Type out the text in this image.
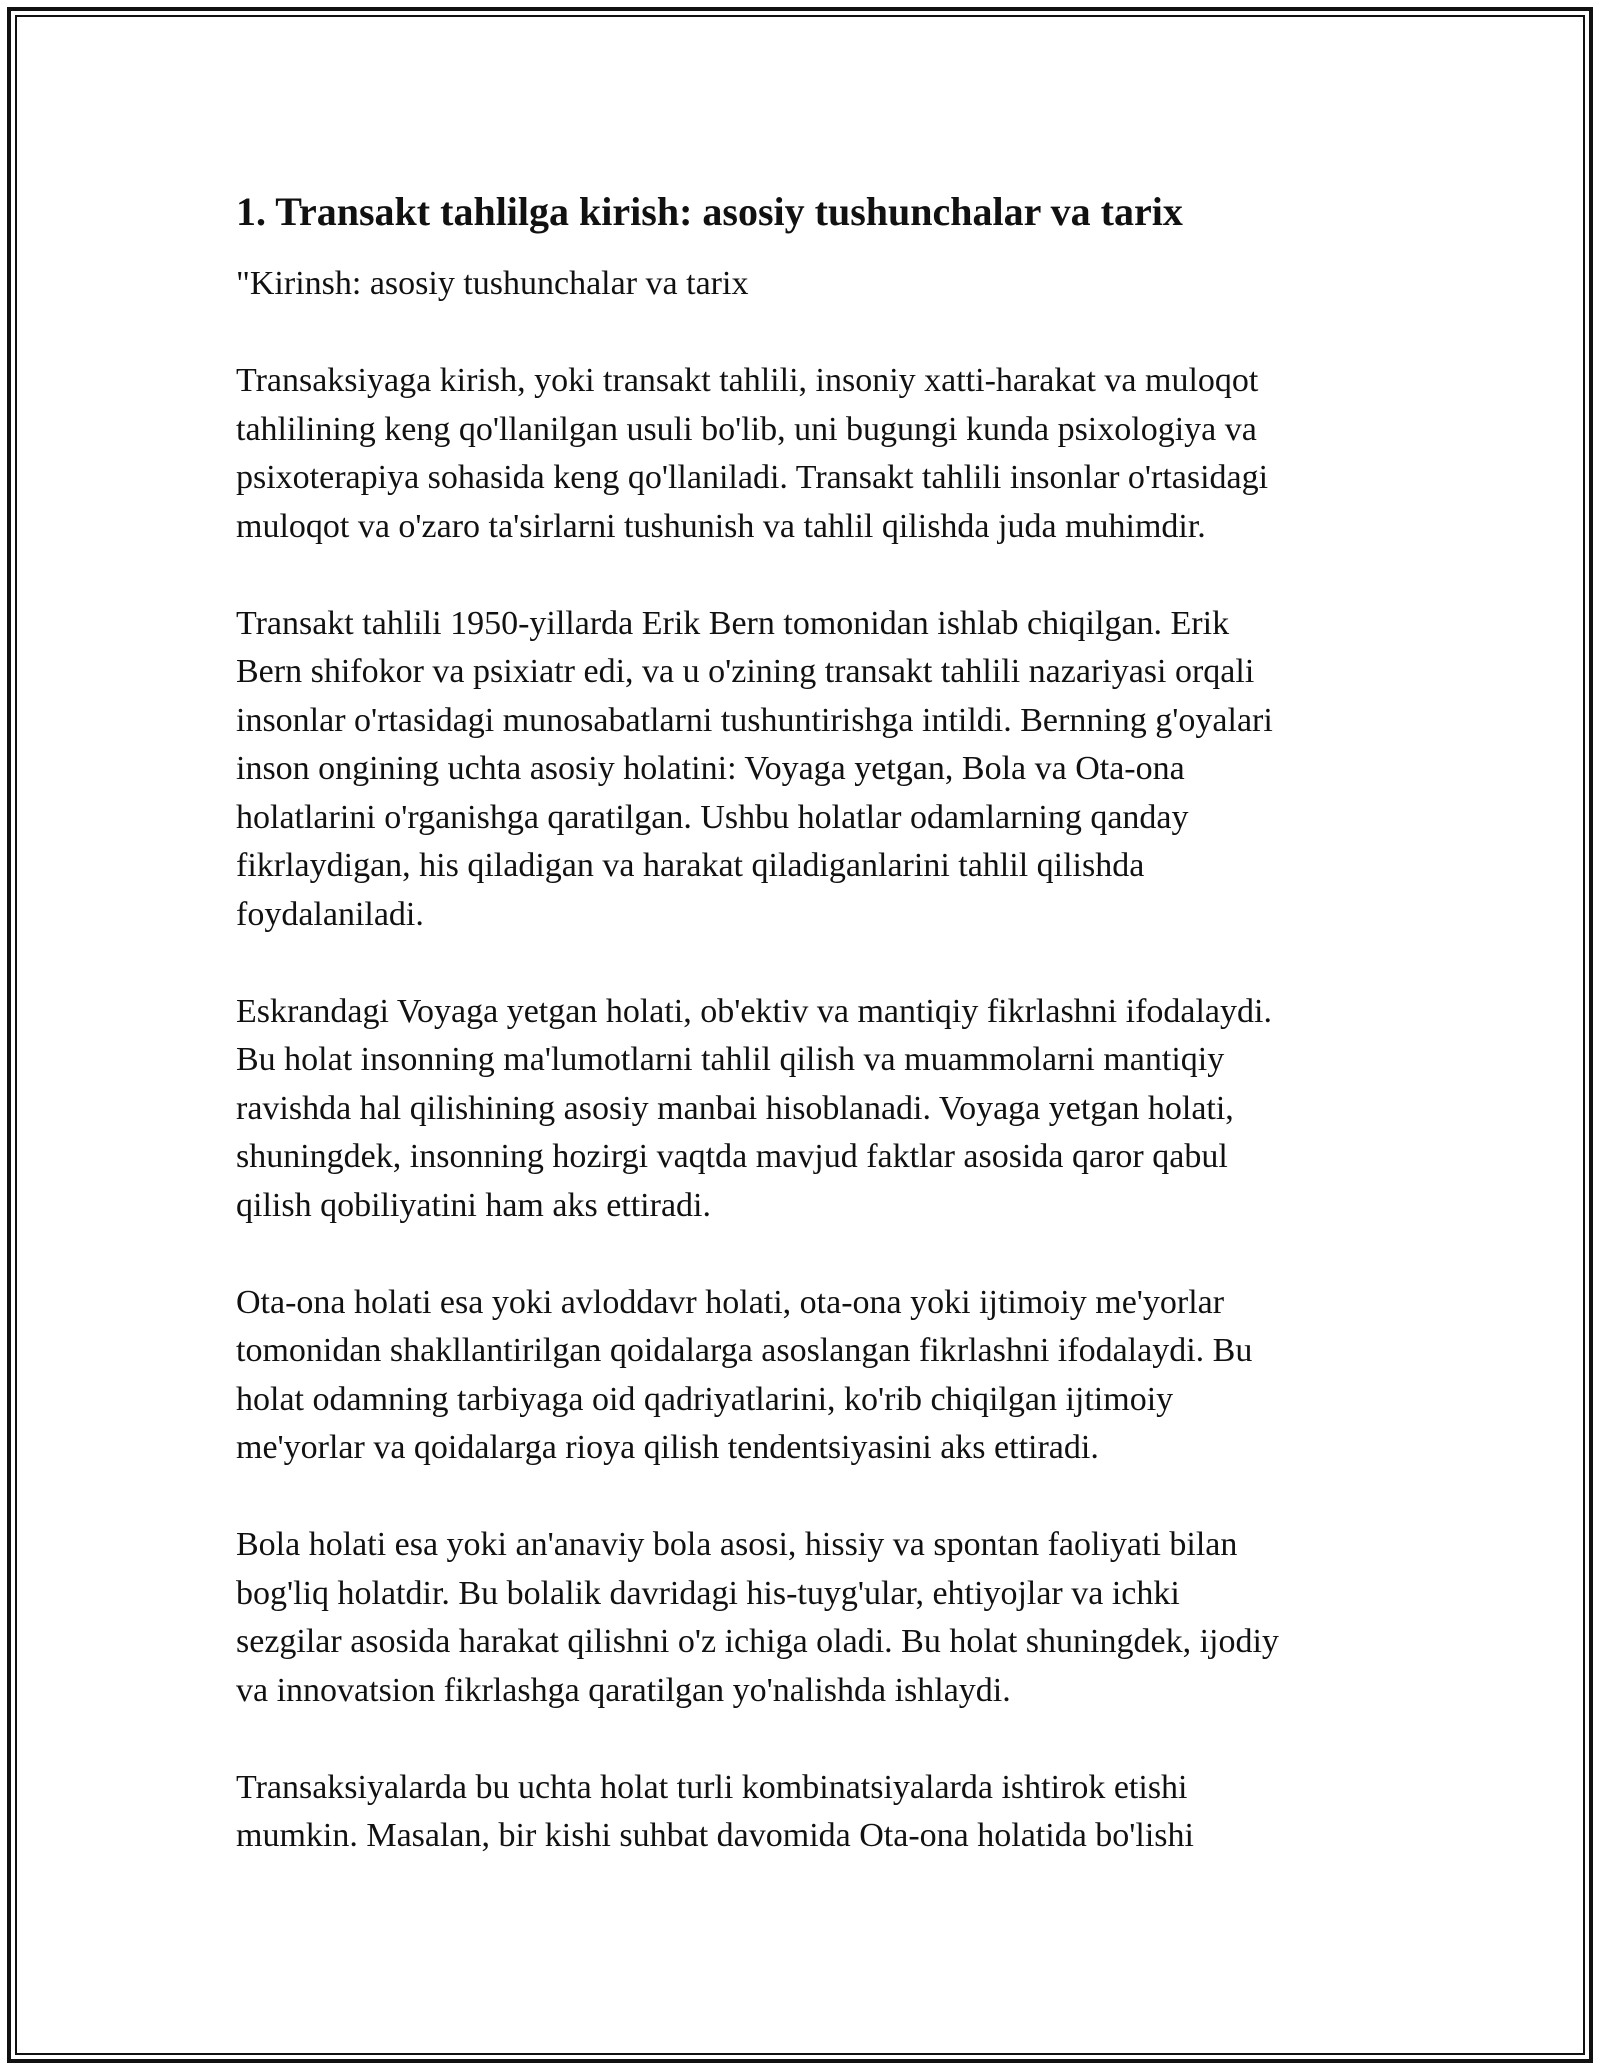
1. Transakt tahlilga kirish: asosiy tushunchalar va tarix

"Kirinsh: asosiy tushunchalar va tarix

Transaksiyaga kirish, yoki transakt tahlili, insoniy xatti-harakat va muloqot
tahlilining keng qo'llanilgan usuli bo'lib, uni bugungi kunda psixologiya va
psixoterapiya sohasida keng qo'llaniladi. Transakt tahlili insonlar o'rtasidagi
muloqot va o'zaro ta'sirlarni tushunish va tahlil qilishda juda muhimdir.

Transakt tahlili 1950-yillarda Erik Bern tomonidan ishlab chiqilgan. Erik
Bern shifokor va psixiatr edi, va u o'zining transakt tahlili nazariyasi orqali
insonlar o'rtasidagi munosabatlarni tushuntirishga intildi. Bernning g'oyalari
inson ongining uchta asosiy holatini: Voyaga yetgan, Bola va Ota-ona
holatlarini o'rganishga qaratilgan. Ushbu holatlar odamlarning qanday
fikrlaydigan, his qiladigan va harakat qiladiganlarini tahlil qilishda
foydalaniladi.

Eskrandagi Voyaga yetgan holati, ob'ektiv va mantiqiy fikrlashni ifodalaydi.
Bu holat insonning ma'lumotlarni tahlil qilish va muammolarni mantiqiy
ravishda hal qilishining asosiy manbai hisoblanadi. Voyaga yetgan holati,
shuningdek, insonning hozirgi vaqtda mavjud faktlar asosida qaror qabul
qilish qobiliyatini ham aks ettiradi.

Ota-ona holati esa yoki avloddavr holati, ota-ona yoki ijtimoiy me'yorlar
tomonidan shakllantirilgan qoidalarga asoslangan fikrlashni ifodalaydi. Bu
holat odamning tarbiyaga oid qadriyatlarini, ko'rib chiqilgan ijtimoiy
me'yorlar va qoidalarga rioya qilish tendentsiyasini aks ettiradi.

Bola holati esa yoki an'anaviy bola asosi, hissiy va spontan faoliyati bilan
bog'liq holatdir. Bu bolalik davridagi his-tuyg'ular, ehtiyojlar va ichki
sezgilar asosida harakat qilishni o'z ichiga oladi. Bu holat shuningdek, ijodiy
va innovatsion fikrlashga qaratilgan yo'nalishda ishlaydi.

Transaksiyalarda bu uchta holat turli kombinatsiyalarda ishtirok etishi
mumkin. Masalan, bir kishi suhbat davomida Ota-ona holatida bo'lishi
